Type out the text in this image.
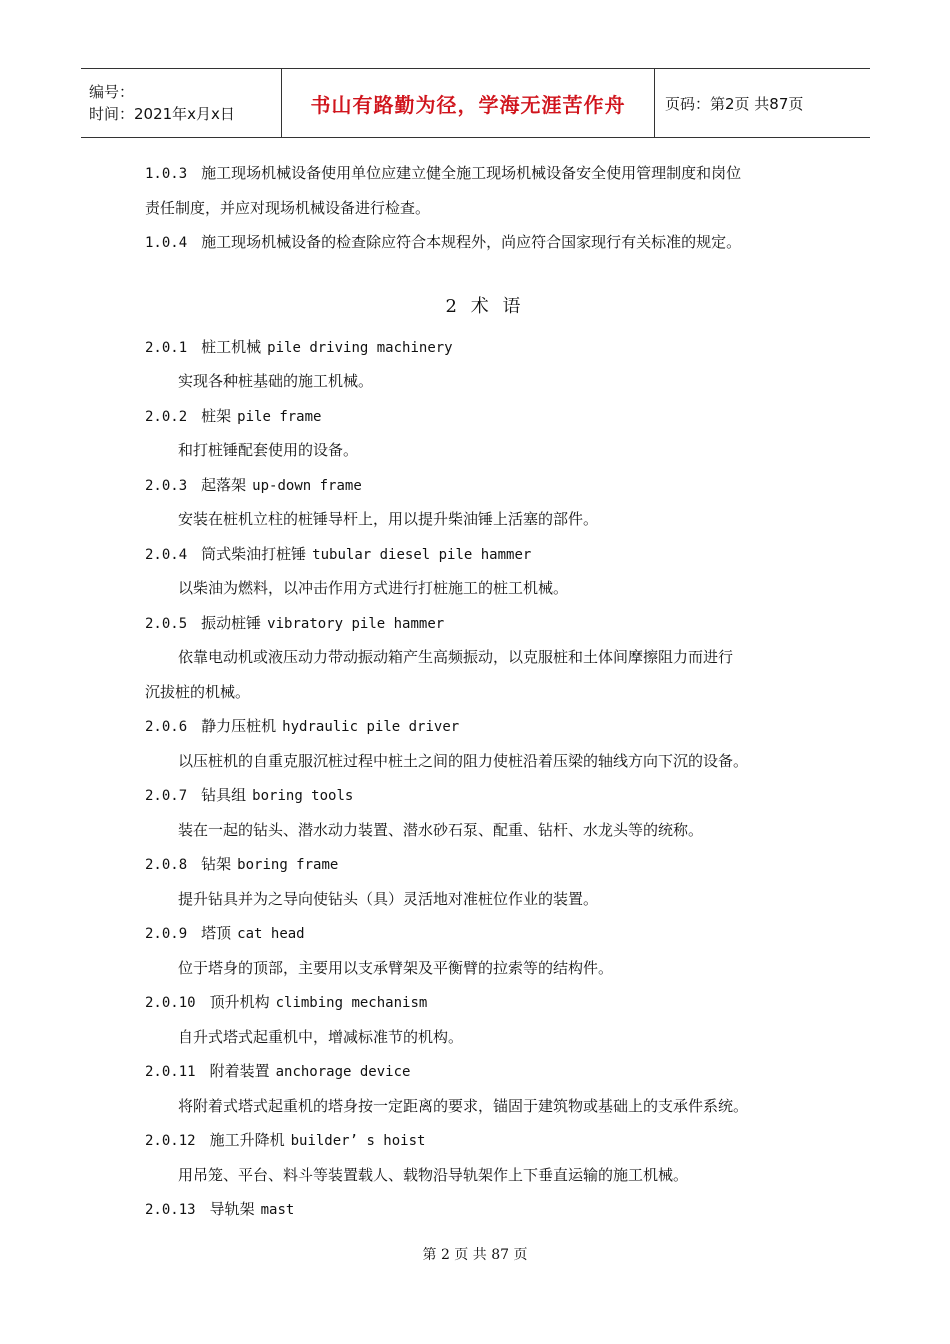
编号：
时间：2021年x月x日	书山有路勤为径，学海无涯苦作舟	页码：第2页 共87页
1.0.3 施工现场机械设备使用单位应建立健全施工现场机械设备安全使用管理制度和岗位
责任制度，并应对现场机械设备进行检查。
1.0.4 施工现场机械设备的检查除应符合本规程外，尚应符合国家现行有关标准的规定。
2 术 语
2.0.1 桩工机械 pile driving machinery
实现各种桩基础的施工机械。
2.0.2 桩架 pile frame
和打桩锤配套使用的设备。
2.0.3 起落架 up-down frame
安装在桩机立柱的桩锤导杆上，用以提升柴油锤上活塞的部件。
2.0.4 筒式柴油打桩锤 tubular diesel pile hammer
以柴油为燃料，以冲击作用方式进行打桩施工的桩工机械。
2.0.5 振动桩锤 vibratory pile hammer
依靠电动机或液压动力带动振动箱产生高频振动，以克服桩和土体间摩擦阻力而进行
沉拔桩的机械。
2.0.6 静力压桩机 hydraulic pile driver
以压桩机的自重克服沉桩过程中桩土之间的阻力使桩沿着压梁的轴线方向下沉的设备。
2.0.7 钻具组 boring tools
装在一起的钻头、潜水动力装置、潜水砂石泵、配重、钻杆、水龙头等的统称。
2.0.8 钻架 boring frame
提升钻具并为之导向使钻头（具）灵活地对准桩位作业的装置。
2.0.9 塔顶 cat head
位于塔身的顶部，主要用以支承臂架及平衡臂的拉索等的结构件。
2.0.10 顶升机构 climbing mechanism
自升式塔式起重机中，增减标准节的机构。
2.0.11 附着装置 anchorage device
将附着式塔式起重机的塔身按一定距离的要求，锚固于建筑物或基础上的支承件系统。
2.0.12 施工升降机 builder’ s hoist
用吊笼、平台、料斗等装置载人、载物沿导轨架作上下垂直运输的施工机械。
2.0.13 导轨架 mast
第 2 页 共 87 页
